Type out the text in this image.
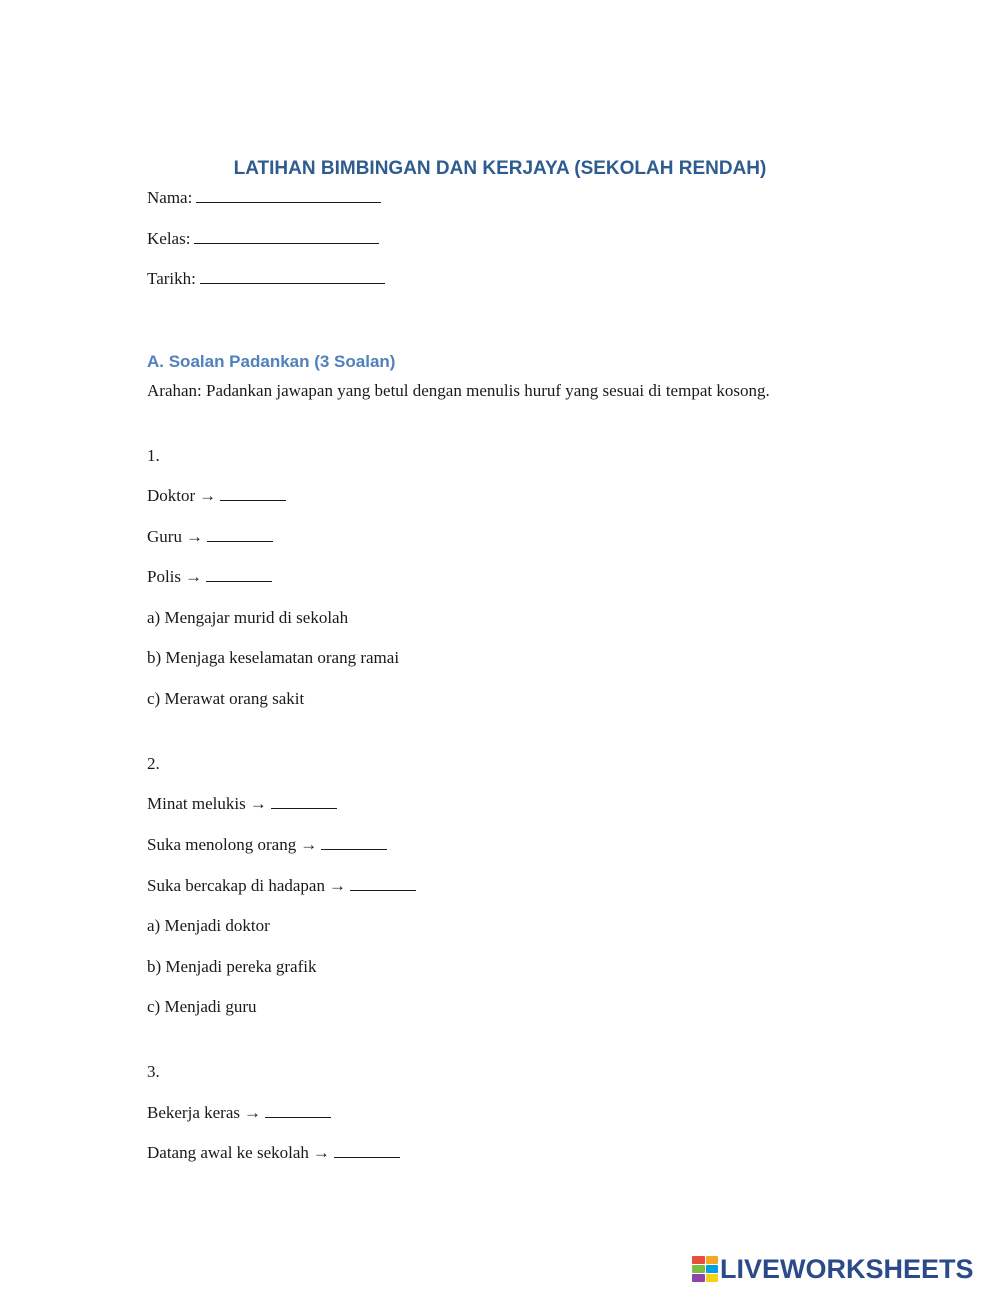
LATIHAN BIMBINGAN DAN KERJAYA (SEKOLAH RENDAH)
Nama:
Kelas:
Tarikh:
A. Soalan Padankan (3 Soalan)
Arahan: Padankan jawapan yang betul dengan menulis huruf yang sesuai di tempat kosong.
1.
Doktor →
Guru →
Polis →
a) Mengajar murid di sekolah
b) Menjaga keselamatan orang ramai
c) Merawat orang sakit
2.
Minat melukis →
Suka menolong orang →
Suka bercakap di hadapan →
a) Menjadi doktor
b) Menjadi pereka grafik
c) Menjadi guru
3.
Bekerja keras →
Datang awal ke sekolah →
LIVEWORKSHEETS
